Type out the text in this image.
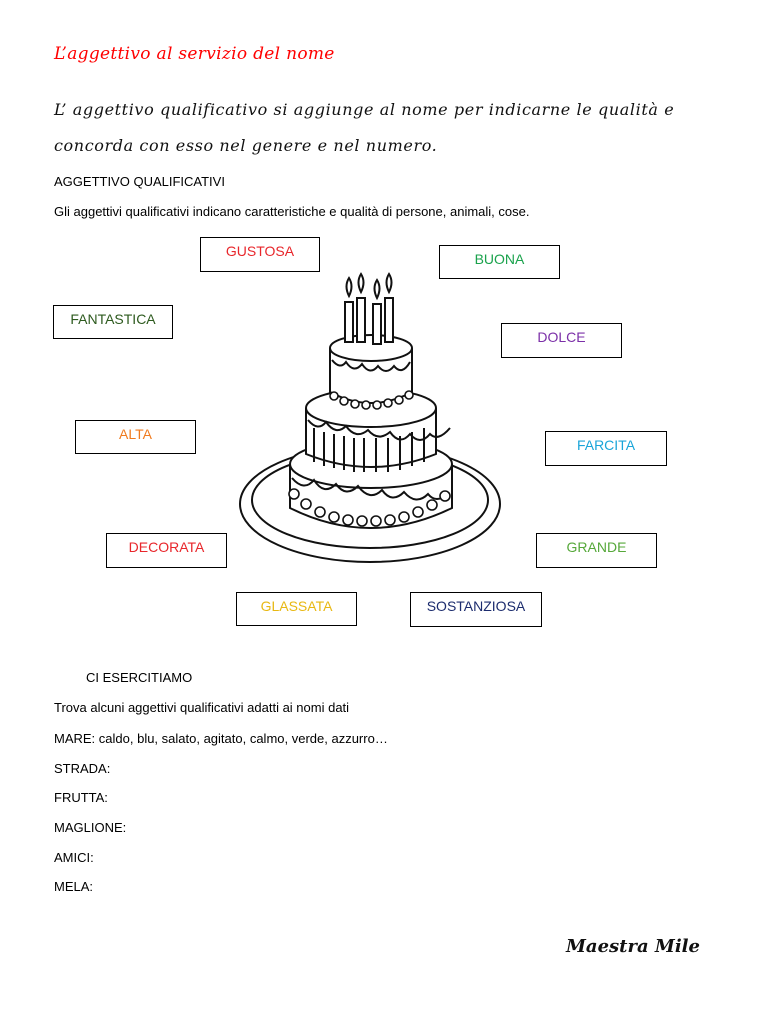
L’aggettivo al servizio del nome
L’ aggettivo qualificativo si aggiunge al nome per indicarne le qualità e concorda con esso nel genere e nel numero.
AGGETTIVO QUALIFICATIVI
Gli aggettivi qualificativi indicano caratteristiche e qualità di persone, animali, cose.
GUSTOSA	BUONA
FANTASTICA
DOLCE
ALTA
FARCITA
DECORATA	GRANDE
GLASSATA	SOSTANZIOSA
CI ESERCITIAMO
Trova alcuni aggettivi qualificativi adatti ai nomi dati
MARE: caldo, blu, salato, agitato, calmo, verde, azzurro…
STRADA:
FRUTTA:
MAGLIONE:
AMICI:
MELA:
Maestra Mile
